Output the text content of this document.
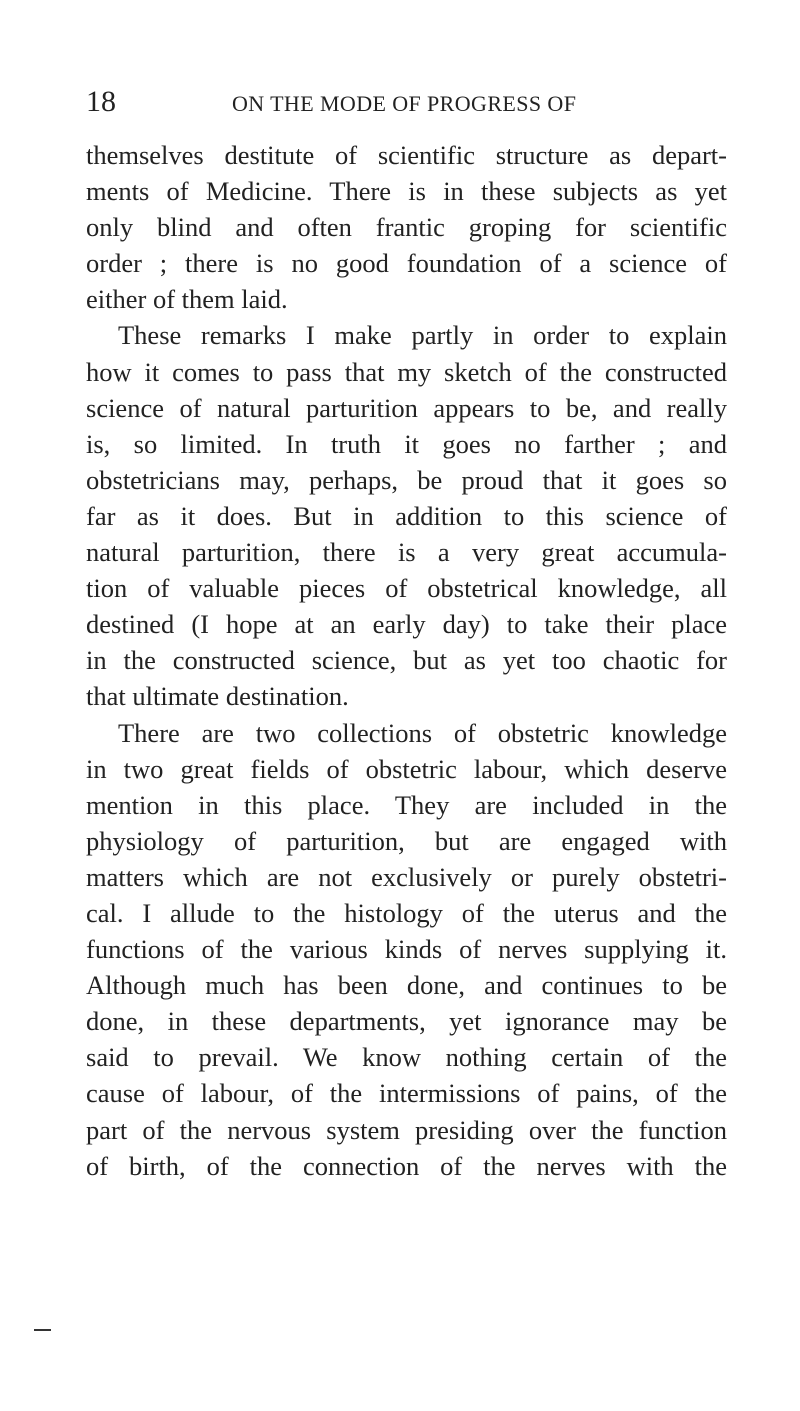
18	ON THE MODE OF PROGRESS OF
themselves destitute of scientific structure as depart-
ments of Medicine. There is in these subjects as yet
only blind and often frantic groping for scientific
order ; there is no good foundation of a science of
either of them laid.
These remarks I make partly in order to explain
how it comes to pass that my sketch of the constructed
science of natural parturition appears to be, and really
is, so limited. In truth it goes no farther ; and
obstetricians may, perhaps, be proud that it goes so
far as it does. But in addition to this science of
natural parturition, there is a very great accumula-
tion of valuable pieces of obstetrical knowledge, all
destined (I hope at an early day) to take their place
in the constructed science, but as yet too chaotic for
that ultimate destination.
There are two collections of obstetric knowledge
in two great fields of obstetric labour, which deserve
mention in this place. They are included in the
physiology of parturition, but are engaged with
matters which are not exclusively or purely obstetri-
cal. I allude to the histology of the uterus and the
functions of the various kinds of nerves supplying it.
Although much has been done, and continues to be
done, in these departments, yet ignorance may be
said to prevail. We know nothing certain of the
cause of labour, of the intermissions of pains, of the
part of the nervous system presiding over the function
of birth, of the connection of the nerves with the
